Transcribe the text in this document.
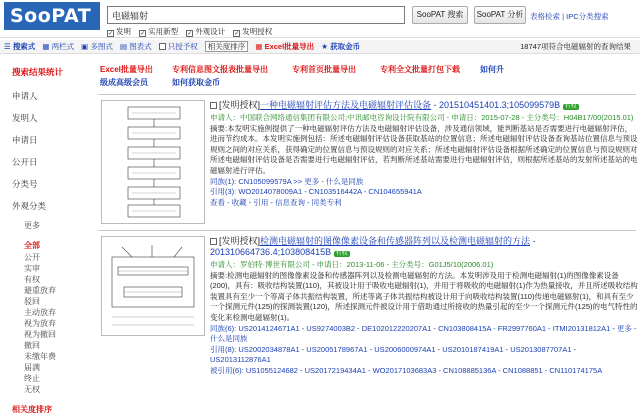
SooPAT	电磁辐射	SooPAT 搜索	SooPAT 分析 表格检索 | IPC分类搜索
✓ 发明 ✓ 实用新型 ✓ 外观设计 ✓ 发明授权
☰ 搜索式 ▦ 两栏式 ▣ 多图式 ▤ 图表式 只授予权 相关度排序 ▦ Excel批量导出 ★ 获取金币	18747项符合电磁辐射的查询结果
搜索结果统计
申请人
发明人
申请日
公开日
分类号
外观分类
更多
全部
公开
实审
有权
避重放弃
驳回
主动放弃
视为放弃
视为撤回
撤回
未缴年费
届满
终止
无权
相关度排序
Excel批量导出 专利信息图文报表批量导出	专利首页批量导出	专利全文批量打包下载	如何升
级成高级会员	如何获取金币
[发明授权]一种电磁辐射评估方法及电磁辐射评估设备 - 201510451401.3;105099579B 有权
申请人：中国联合网络通信集团有限公司;中讯邮电咨询设计院有限公司 - 申请日：2015-07-28 - 主分类号：H04B17/00(2015.01)
摘要:本发明实施例提供了一种电磁辐射评估方法及电磁辐射评估设备，涉及通信领域，能判断基站是否需要进行电磁辐射评估，进而节约成本。本发明实施例包括：所述电磁辐射评估设备获取基站的位置信息；所述电磁辐射评估设备查询基站位置信息与预设规则之间的对应关系，获得确定的位置信息与预设规则的对应关系；所述电磁辐射评估设备根据所述确定的位置信息与预设规则对所述电磁辐射评估设备是否需要进行电磁辐射评估，若判断所述基站需要进行电磁辐射评估，则根据所述基站的发射所述基站的电磁辐射进行评估。
同族(1): CN105099579A >> 更多 - 什么是同族
引用(3): WO2014078009A1 - CN103516442A - CN104655941A
查看 - 收藏 - 引用 - 信息查询 - 同类专利
[发明授权]检测电磁辐射的图像像素设备和传感器阵列以及检测电磁辐射的方法 - 201310664736.4;103808415B 有权
申请人：罗伯特·博世有限公司 - 申请日：2013-11-06 - 主分类号：G01J5/10(2006.01)
摘要:检测电磁辐射的图像像素设备和传感器阵列以及检测电磁辐射的方法。本发明涉及用于检测电磁辐射(1)的图像像素设备(200)，具有：吸收结构装置(110)，其被设计用于吸收电磁辐射(1)，并用于将吸收的电磁辐射(1)作为热量接收，并且所述吸收结构装置具有至少一个等离子体共振结构装置，所述等离子体共振结构被设计用于向吸收结构装置(110)传递电磁辐射(1)，和具有至少一个探测元件(125)的探测装置(120)，所述探测元件被设计用于借助通过所接收的热量引起的至少一个探测元件(125)的电气特性的变化来检测电磁辐射(1)。
同族(6): US2014124671A1 - US9274003B2 - DE102012220207A1 - CN103808415A - FR2997760A1 - ITMI20131812A1 - 更多 - 什么是同族
引用(8): US2002034878A1 - US2005178967A1 - US2006000974A1 - US2010187419A1 - US2013087707A1 - US2013112876A1
被引用(6): US1055124682 - US2017219434A1 - WO2017103683A3 - CN108885136A - CN1088851 - CN110174175A
